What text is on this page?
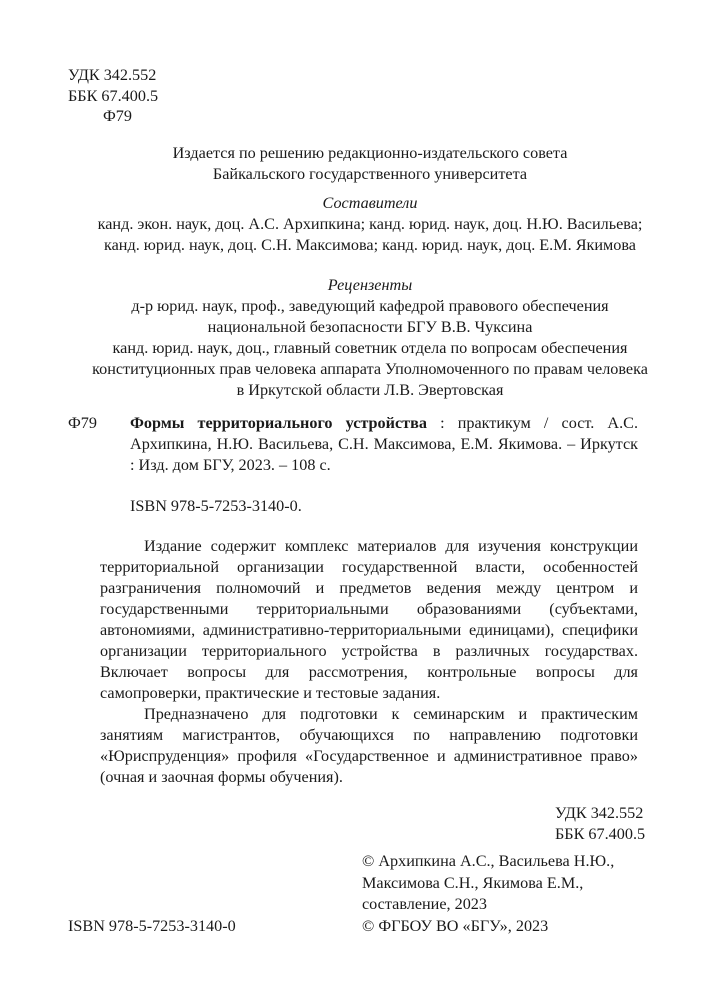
УДК 342.552
ББК 67.400.5
Ф79
Издается по решению редакционно-издательского совета
Байкальского государственного университета
Составители
канд. экон. наук, доц. А.С. Архипкина; канд. юрид. наук, доц. Н.Ю. Васильева;
канд. юрид. наук, доц. С.Н. Максимова; канд. юрид. наук, доц. Е.М. Якимова
Рецензенты
д-р юрид. наук, проф., заведующий кафедрой правового обеспечения
национальной безопасности БГУ В.В. Чуксина
канд. юрид. наук, доц., главный советник отдела по вопросам обеспечения
конституционных прав человека аппарата Уполномоченного по правам человека
в Иркутской области Л.В. Эвертовская
Ф79 Формы территориального устройства : практикум / сост. А.С. Архипкина, Н.Ю. Васильева, С.Н. Максимова, Е.М. Якимова. – Иркутск : Изд. дом БГУ, 2023. – 108 с.
ISBN 978-5-7253-3140-0.

Издание содержит комплекс материалов для изучения конструкции территориальной организации государственной власти, особенностей разграничения полномочий и предметов ведения между центром и государственными территориальными образованиями (субъектами, автономиями, административно-территориальными единицами), специфики организации территориального устройства в различных государствах. Включает вопросы для рассмотрения, контрольные вопросы для самопроверки, практические и тестовые задания.

Предназначено для подготовки к семинарским и практическим занятиям магистрантов, обучающихся по направлению подготовки «Юриспруденция» профиля «Государственное и административное право» (очная и заочная формы обучения).

УДК 342.552
ББК 67.400.5
© Архипкина А.С., Васильева Н.Ю.,
Максимова С.Н., Якимова Е.М.,
составление, 2023
© ФГБОУ ВО «БГУ», 2023
ISBN 978-5-7253-3140-0
